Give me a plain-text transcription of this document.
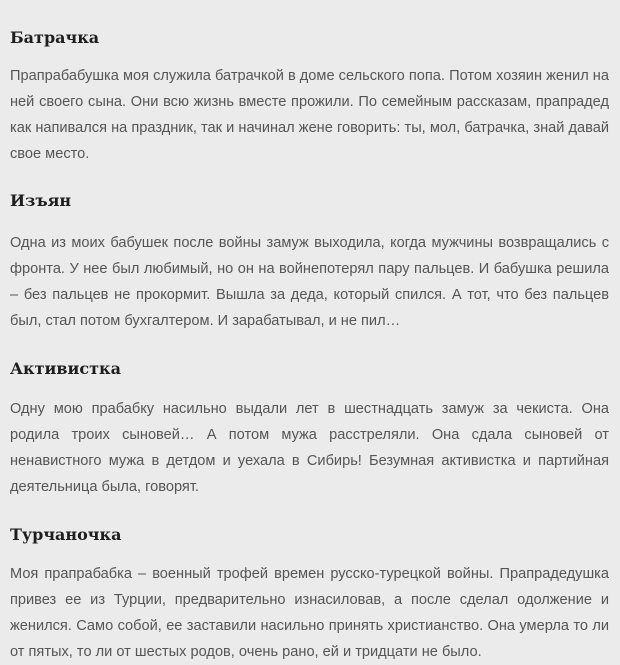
Батрачка

Прапрабабушка моя служила батрачкой в доме сельского попа. Потом хозяин женил на ней своего сына. Они всю жизнь вместе прожили. По семейным рассказам, прапрадед как напивался на праздник, так и начинал жене говорить: ты, мол, батрачка, знай давай свое место.

Изъян

Одна из моих бабушек после войны замуж выходила, когда мужчины возвращались с фронта. У нее был любимый, но он на войнепотерял пару пальцев. И бабушка решила – без пальцев не прокормит. Вышла за деда, который спился. А тот, что без пальцев был, стал потом бухгалтером. И зарабатывал, и не пил…

Активистка

Одну мою прабабку насильно выдали лет в шестнадцать замуж за чекиста. Она родила троих сыновей… А потом мужа расстреляли. Она сдала сыновей от ненавистного мужа в детдом и уехала в Сибирь! Безумная активистка и партийная деятельница была, говорят.

Турчаночка

Моя прапрабабка – военный трофей времен русско-турецкой войны. Прапрадедушка привез ее из Турции, предварительно изнасиловав, а после сделал одолжение и женился. Само собой, ее заставили насильно принять христианство. Она умерла то ли от пятых, то ли от шестых родов, очень рано, ей и тридцати не было.
